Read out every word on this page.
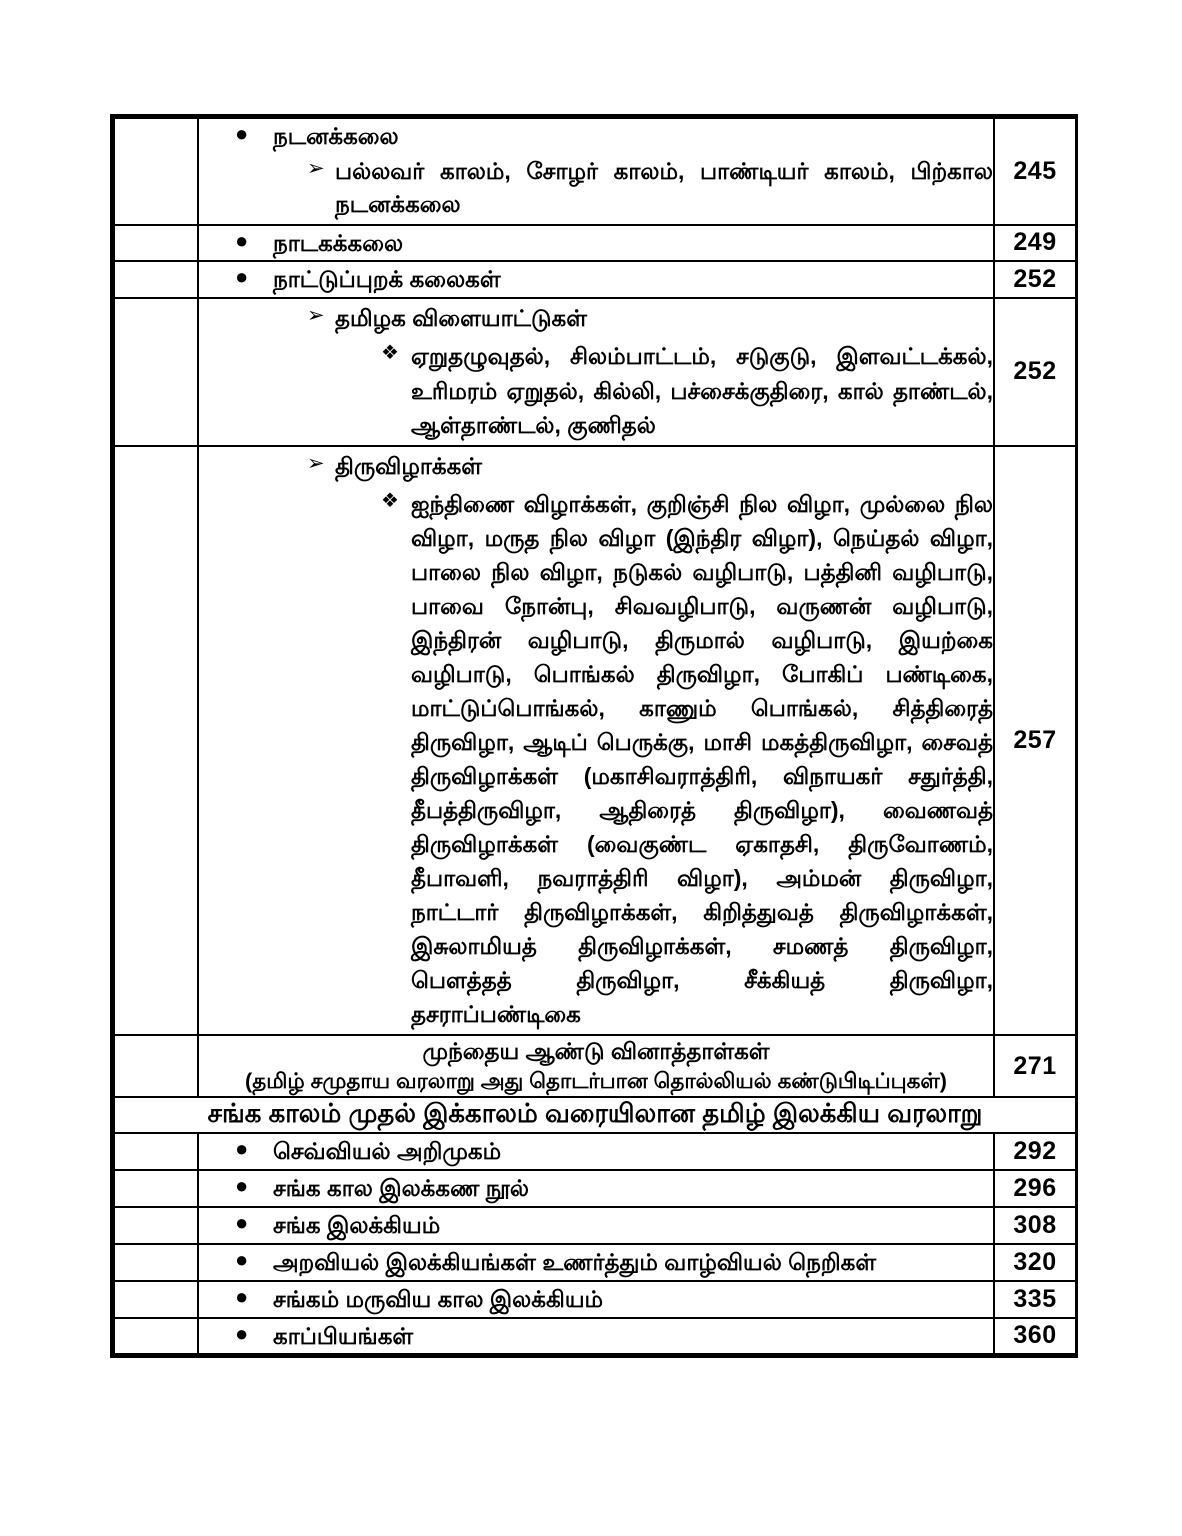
	● நடனக்கலை
➢ பல்லவர் காலம், சோழர் காலம், பாண்டியர் காலம், பிற்கால நடனக்கலை	245

	● நாடகக்கலை	249

	● நாட்டுப்புறக் கலைகள்	252

	➢ தமிழக விளையாட்டுகள்
❖ ஏறுதழுவுதல், சிலம்பாட்டம், சடுகுடு, இளவட்டக்கல், உரிமரம் ஏறுதல், கில்லி, பச்சைக்குதிரை, கால் தாண்டல், ஆள்தாண்டல், குணிதல்	252

	➢ திருவிழாக்கள்
❖ ஐந்திணை விழாக்கள், குறிஞ்சி நில விழா, முல்லை நில விழா, மருத நில விழா (இந்திர விழா), நெய்தல் விழா, பாலை நில விழா, நடுகல் வழிபாடு, பத்தினி வழிபாடு, பாவை நோன்பு, சிவவழிபாடு, வருணன் வழிபாடு, இந்திரன் வழிபாடு, திருமால் வழிபாடு, இயற்கை வழிபாடு, பொங்கல் திருவிழா, போகிப் பண்டிகை, மாட்டுப்பொங்கல், காணும் பொங்கல், சித்திரைத் திருவிழா, ஆடிப் பெருக்கு, மாசி மகத்திருவிழா, சைவத் திருவிழாக்கள் (மகாசிவராத்திரி, விநாயகர் சதுர்த்தி, தீபத்திருவிழா, ஆதிரைத் திருவிழா), வைணவத் திருவிழாக்கள் (வைகுண்ட ஏகாதசி, திருவோணம், தீபாவளி, நவராத்திரி விழா), அம்மன் திருவிழா, நாட்டார் திருவிழாக்கள், கிறித்துவத் திருவிழாக்கள், இசுலாமியத் திருவிழாக்கள், சமணத் திருவிழா, பெளத்தத் திருவிழா, சீக்கியத் திருவிழா, தசராப்பண்டிகை	257

	முந்தைய ஆண்டு வினாத்தாள்கள்
(தமிழ் சமுதாய வரலாறு அது தொடர்பான தொல்லியல் கண்டுபிடிப்புகள்)	271
சங்க காலம் முதல் இக்காலம் வரையிலான தமிழ் இலக்கிய வரலாறு		

	● செவ்வியல் அறிமுகம்	292

	● சங்க கால இலக்கண நூல்	296

	● சங்க இலக்கியம்	308

	● அறவியல் இலக்கியங்கள் உணர்த்தும் வாழ்வியல் நெறிகள்	320

	● சங்கம் மருவிய கால இலக்கியம்	335

	● காப்பியங்கள்	360
